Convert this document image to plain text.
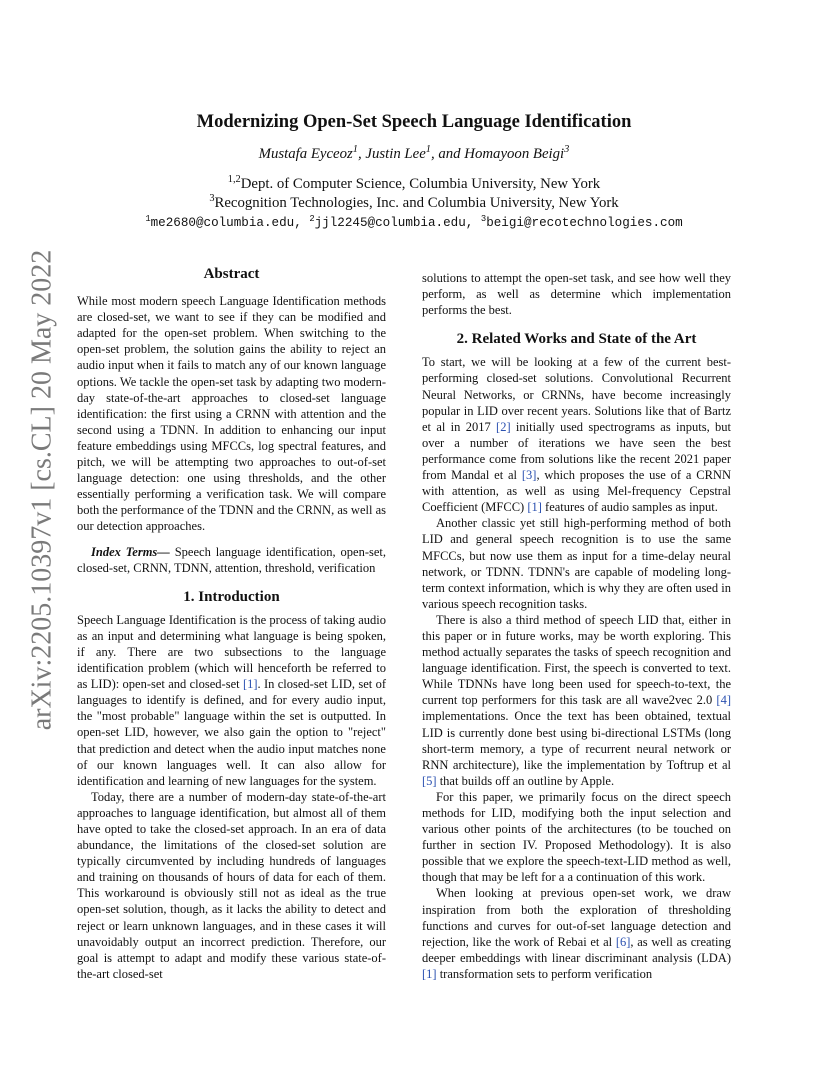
arXiv:2205.10397v1 [cs.CL] 20 May 2022
Modernizing Open-Set Speech Language Identification
Mustafa Eyceoz$^1$, Justin Lee$^1$, and Homayoon Beigi$^3$
$^{1,2}$Dept. of Computer Science, Columbia University, New York
$^3$Recognition Technologies, Inc. and Columbia University, New York
$^1$me2680@columbia.edu, $^2$jjl2245@columbia.edu, $^3$beigi@recotechnologies.com
Abstract

While most modern speech Language Identification methods are closed-set, we want to see if they can be modified and adapted for the open-set problem. When switching to the open-set problem, the solution gains the ability to reject an audio input when it fails to match any of our known language options. We tackle the open-set task by adapting two modern-day state-of-the-art approaches to closed-set language identification: the first using a CRNN with attention and the second using a TDNN. In addition to enhancing our input feature embeddings using MFCCs, log spectral features, and pitch, we will be attempting two approaches to out-of-set language detection: one using thresholds, and the other essentially performing a verification task. We will compare both the performance of the TDNN and the CRNN, as well as our detection approaches.

Index Terms— Speech language identification, open-set, closed-set, CRNN, TDNN, attention, threshold, verification

1. Introduction

Speech Language Identification is the process of taking audio as an input and determining what language is being spoken, if any. There are two subsections to the language identification problem (which will henceforth be referred to as LID): open-set and closed-set [1]. In closed-set LID, set of languages to identify is defined, and for every audio input, the "most probable" language within the set is outputted. In open-set LID, however, we also gain the option to "reject" that prediction and detect when the audio input matches none of our known languages well. It can also allow for identification and learning of new languages for the system.

Today, there are a number of modern-day state-of-the-art approaches to language identification, but almost all of them have opted to take the closed-set approach. In an era of data abundance, the limitations of the closed-set solution are typically circumvented by including hundreds of languages and training on thousands of hours of data for each of them. This workaround is obviously still not as ideal as the true open-set solution, though, as it lacks the ability to detect and reject or learn unknown languages, and in these cases it will unavoidably output an incorrect prediction. Therefore, our goal is attempt to adapt and modify these various state-of-the-art closed-set

solutions to attempt the open-set task, and see how well they perform, as well as determine which implementation performs the best.

2. Related Works and State of the Art

To start, we will be looking at a few of the current best-performing closed-set solutions. Convolutional Recurrent Neural Networks, or CRNNs, have become increasingly popular in LID over recent years. Solutions like that of Bartz et al in 2017 [2] initially used spectrograms as inputs, but over a number of iterations we have seen the best performance come from solutions like the recent 2021 paper from Mandal et al [3], which proposes the use of a CRNN with attention, as well as using Mel-frequency Cepstral Coefficient (MFCC) [1] features of audio samples as input.

Another classic yet still high-performing method of both LID and general speech recognition is to use the same MFCCs, but now use them as input for a time-delay neural network, or TDNN. TDNN's are capable of modeling long-term context information, which is why they are often used in various speech recognition tasks.

There is also a third method of speech LID that, either in this paper or in future works, may be worth exploring. This method actually separates the tasks of speech recognition and language identification. First, the speech is converted to text. While TDNNs have long been used for speech-to-text, the current top performers for this task are all wave2vec 2.0 [4] implementations. Once the text has been obtained, textual LID is currently done best using bi-directional LSTMs (long short-term memory, a type of recurrent neural network or RNN architecture), like the implementation by Toftrup et al [5] that builds off an outline by Apple.

For this paper, we primarily focus on the direct speech methods for LID, modifying both the input selection and various other points of the architectures (to be touched on further in section IV. Proposed Methodology). It is also possible that we explore the speech-text-LID method as well, though that may be left for a a continuation of this work.

When looking at previous open-set work, we draw inspiration from both the exploration of thresholding functions and curves for out-of-set language detection and rejection, like the work of Rebai et al [6], as well as creating deeper embeddings with linear discriminant analysis (LDA) [1] transformation sets to perform verification
